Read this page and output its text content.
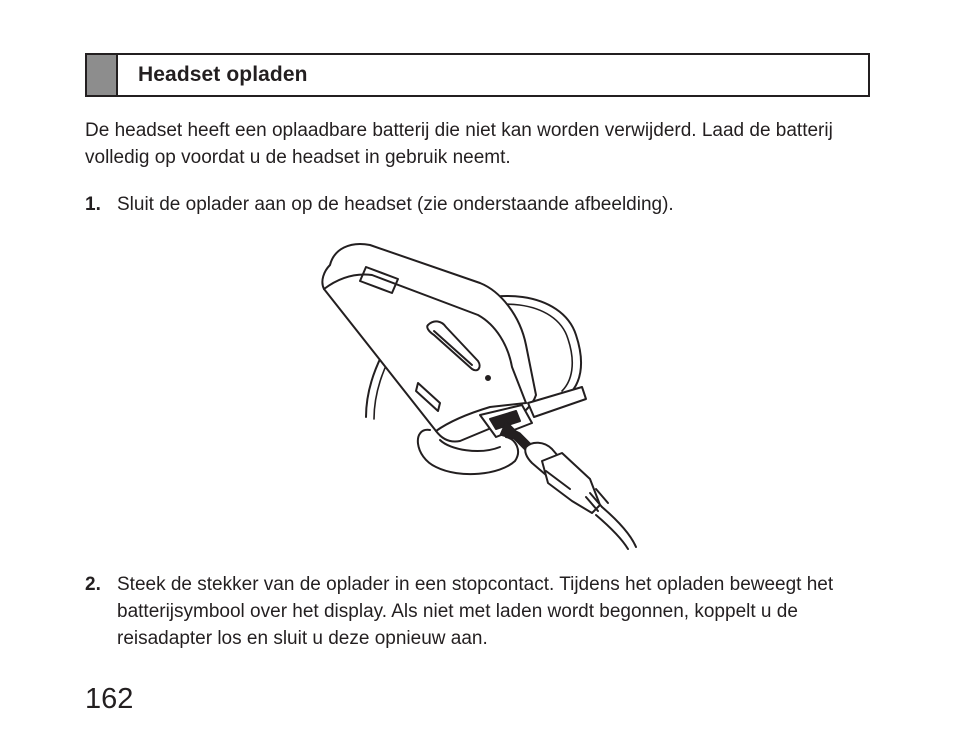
Headset opladen

De headset heeft een oplaadbare batterij die niet kan worden verwijderd. Laad de batterij volledig op voordat u de headset in gebruik neemt.

1. Sluit de oplader aan op de headset (zie onderstaande afbeelding).
2. Steek de stekker van de oplader in een stopcontact. Tijdens het opladen beweegt het batterijsymbool over het display. Als niet met laden wordt begonnen, koppelt u de reisadapter los en sluit u deze opnieuw aan.
162
